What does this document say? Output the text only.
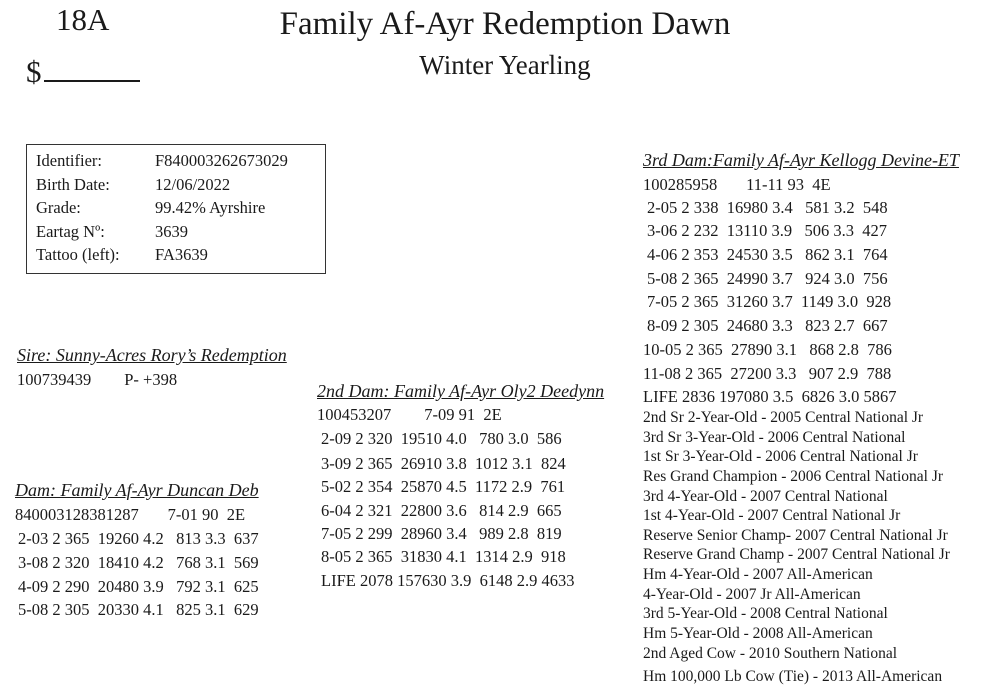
18A
$
Family Af-Ayr Redemption Dawn
Winter Yearling
Identifier:	F840003262673029
Birth Date:	12/06/2022
Grade:	99.42% Ayrshire
Eartag Nº:	3639
Tattoo (left):	FA3639
Sire: Sunny-Acres Rory’s Redemption
100739439        P- +398
Dam: Family Af-Ayr Duncan Deb
840003128381287       7-01 90  2E
2-03 2 365  19260 4.2   813 3.3  637
3-08 2 320  18410 4.2   768 3.1  569
4-09 2 290  20480 3.9   792 3.1  625
5-08 2 305  20330 4.1   825 3.1  629
2nd Dam: Family Af-Ayr Oly2 Deedynn
100453207        7-09 91  2E
2-09 2 320  19510 4.0   780 3.0  586
3-09 2 365  26910 3.8  1012 3.1  824
5-02 2 354  25870 4.5  1172 2.9  761
6-04 2 321  22800 3.6   814 2.9  665
7-05 2 299  28960 3.4   989 2.8  819
8-05 2 365  31830 4.1  1314 2.9  918
LIFE 2078 157630 3.9  6148 2.9 4633
3rd Dam:Family Af-Ayr Kellogg Devine-ET
100285958       11-11 93  4E
2-05 2 338  16980 3.4   581 3.2  548
3-06 2 232  13110 3.9   506 3.3  427
4-06 2 353  24530 3.5   862 3.1  764
5-08 2 365  24990 3.7   924 3.0  756
7-05 2 365  31260 3.7  1149 3.0  928
8-09 2 305  24680 3.3   823 2.7  667
10-05 2 365  27890 3.1   868 2.8  786
11-08 2 365  27200 3.3   907 2.9  788
LIFE 2836 197080 3.5  6826 3.0 5867
2nd Sr 2-Year-Old - 2005 Central National Jr
3rd Sr 3-Year-Old - 2006 Central National
1st Sr 3-Year-Old - 2006 Central National Jr
Res Grand Champion - 2006 Central National Jr
3rd 4-Year-Old - 2007 Central National
1st 4-Year-Old - 2007 Central National Jr
Reserve Senior Champ- 2007 Central National Jr
Reserve Grand Champ - 2007 Central National Jr
Hm 4-Year-Old - 2007 All-American
4-Year-Old - 2007 Jr All-American
3rd 5-Year-Old - 2008 Central National
Hm 5-Year-Old - 2008 All-American
2nd Aged Cow - 2010 Southern National
Hm 100,000 Lb Cow (Tie) - 2013 All-American
